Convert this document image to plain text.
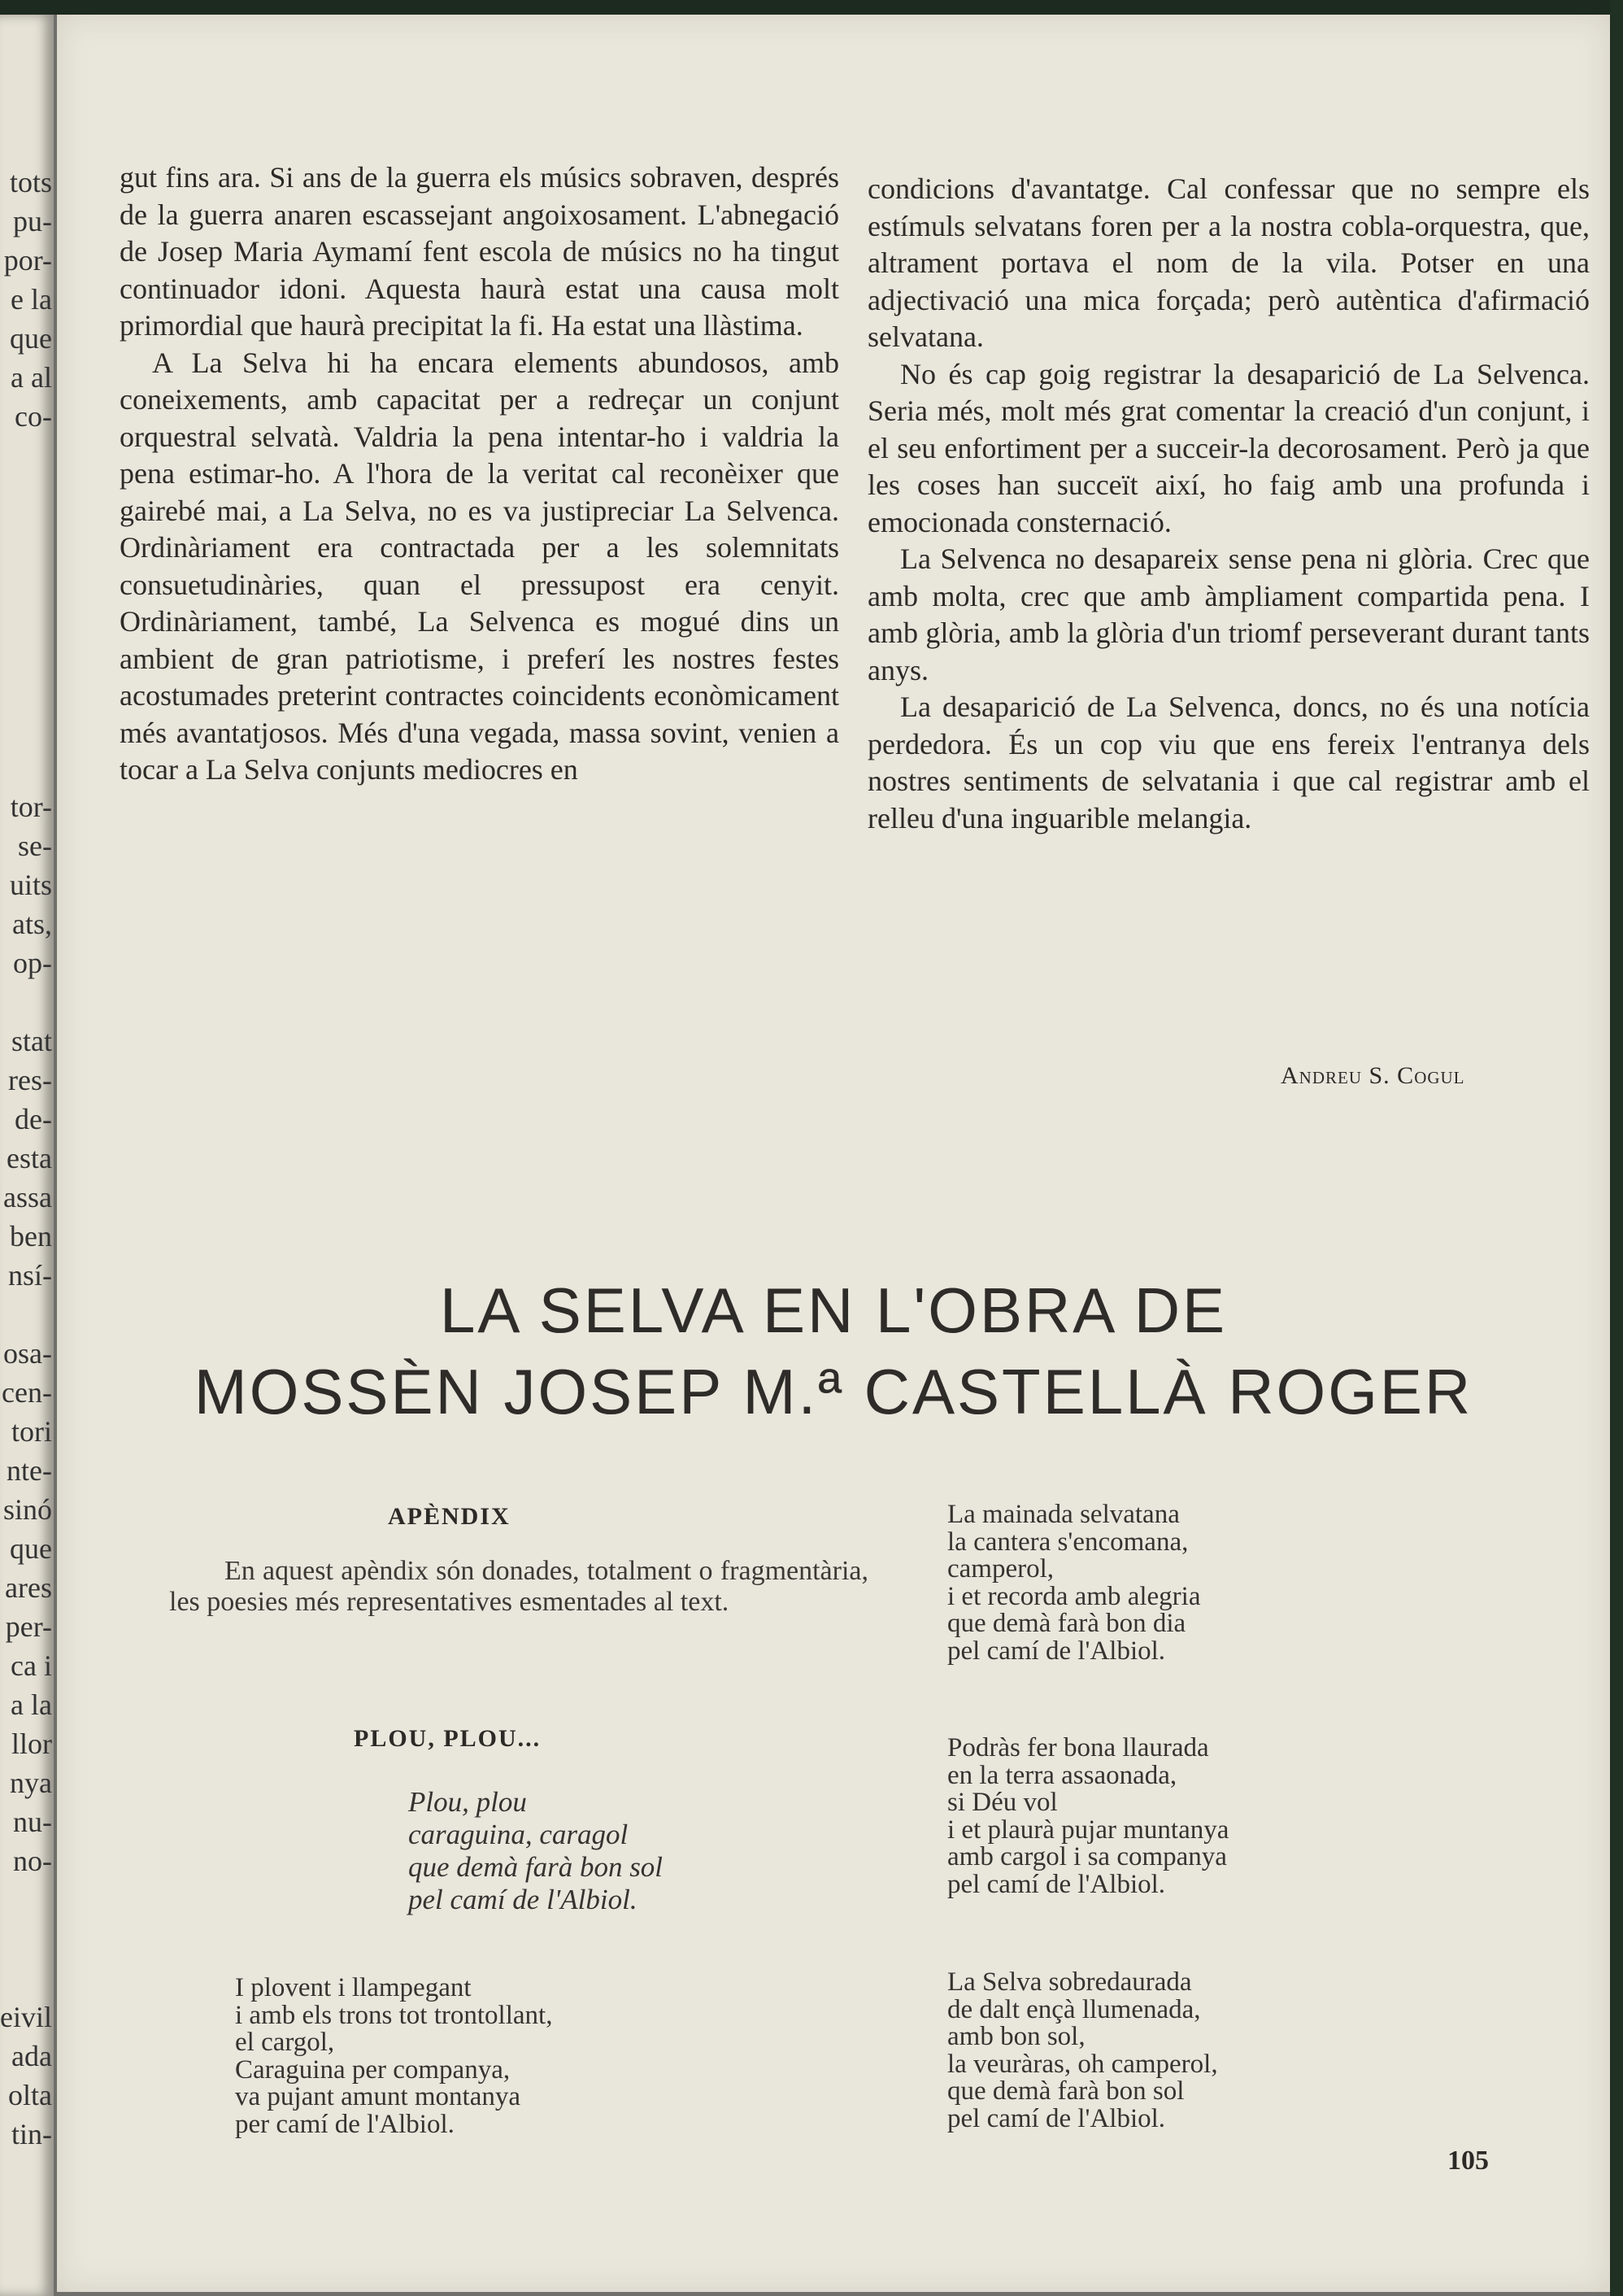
tots
pu-
por-
e la
que
a al
co-

tor-
se-
uits
ats,
op-

stat
res-
de-
esta
assa
ben
nsí-

osa-
cen-
tori
nte-
sinó
que
ares
per-
ca i
a la
llor
nya
nu-
no-

eivil
ada
olta
tin-

gut fins ara. Si ans de la guerra els músics sobraven, després de la guerra anaren escassejant angoixosament. L'abnegació de Josep Maria Aymamí fent escola de músics no ha tingut continuador idoni. Aquesta haurà estat una causa molt primordial que haurà precipitat la fi. Ha estat una llàstima.

A La Selva hi ha encara elements abundosos, amb coneixements, amb capacitat per a redreçar un conjunt orquestral selvatà. Valdria la pena intentar-ho i valdria la pena estimar-ho. A l'hora de la veritat cal reconèixer que gairebé mai, a La Selva, no es va justipreciar La Selvenca. Ordinàriament era contractada per a les solemnitats consuetudinàries, quan el pressupost era cenyit. Ordinàriament, també, La Selvenca es mogué dins un ambient de gran patriotisme, i preferí les nostres festes acostumades preterint contractes coincidents econòmicament més avantatjosos. Més d'una vegada, massa sovint, venien a tocar a La Selva conjunts mediocres en

condicions d'avantatge. Cal confessar que no sempre els estímuls selvatans foren per a la nostra cobla-orquestra, que, altrament portava el nom de la vila. Potser en una adjectivació una mica forçada; però autèntica d'afirmació selvatana.

No és cap goig registrar la desaparició de La Selvenca. Seria més, molt més grat comentar la creació d'un conjunt, i el seu enfortiment per a succeir-la decorosament. Però ja que les coses han succeït així, ho faig amb una profunda i emocionada consternació.

La Selvenca no desapareix sense pena ni glòria. Crec que amb molta, crec que amb àmpliament compartida pena. I amb glòria, amb la glòria d'un triomf perseverant durant tants anys.

La desaparició de La Selvenca, doncs, no és una notícia perdedora. És un cop viu que ens fereix l'entranya dels nostres sentiments de selvatania i que cal registrar amb el relleu d'una inguarible melangia.

Andreu S. Cogul
LA SELVA EN L'OBRA DE
MOSSÈN JOSEP M.ª CASTELLÀ ROGER
APÈNDIX
En aquest apèndix són donades, totalment o fragmentària, les poesies més representatives esmentades al text.
PLOU, PLOU...
Plou, plou
caraguina, caragol
que demà farà bon sol
pel camí de l'Albiol.
I plovent i llampegant
i amb els trons tot trontollant,
el cargol,
Caraguina per companya,
va pujant amunt montanya
per camí de l'Albiol.
La mainada selvatana
la cantera s'encomana,
camperol,
i et recorda amb alegria
que demà farà bon dia
pel camí de l'Albiol.
Podràs fer bona llaurada
en la terra assaonada,
si Déu vol
i et plaurà pujar muntanya
amb cargol i sa companya
pel camí de l'Albiol.
La Selva sobredaurada
de dalt ençà llumenada,
amb bon sol,
la veuràras, oh camperol,
que demà farà bon sol
pel camí de l'Albiol.
105
